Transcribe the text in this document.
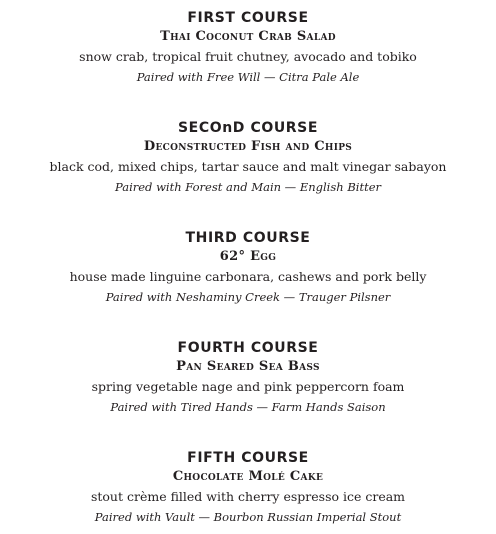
FIRST COURSE
Thai Coconut Crab Salad
snow crab, tropical fruit chutney, avocado and tobiko
Paired with Free Will — Citra Pale Ale
SECOnD COURSE
Deconstructed Fish and Chips
black cod, mixed chips, tartar sauce and malt vinegar sabayon
Paired with Forest and Main — English Bitter
THIRD COURSE
62° Egg
house made linguine carbonara, cashews and pork belly
Paired with Neshaminy Creek — Trauger Pilsner
FOURTH COURSE
Pan Seared Sea Bass
spring vegetable nage and pink peppercorn foam
Paired with Tired Hands — Farm Hands Saison
FIFTH COURSE
Chocolate Molé Cake
stout crème filled with cherry espresso ice cream
Paired with Vault — Bourbon Russian Imperial Stout
